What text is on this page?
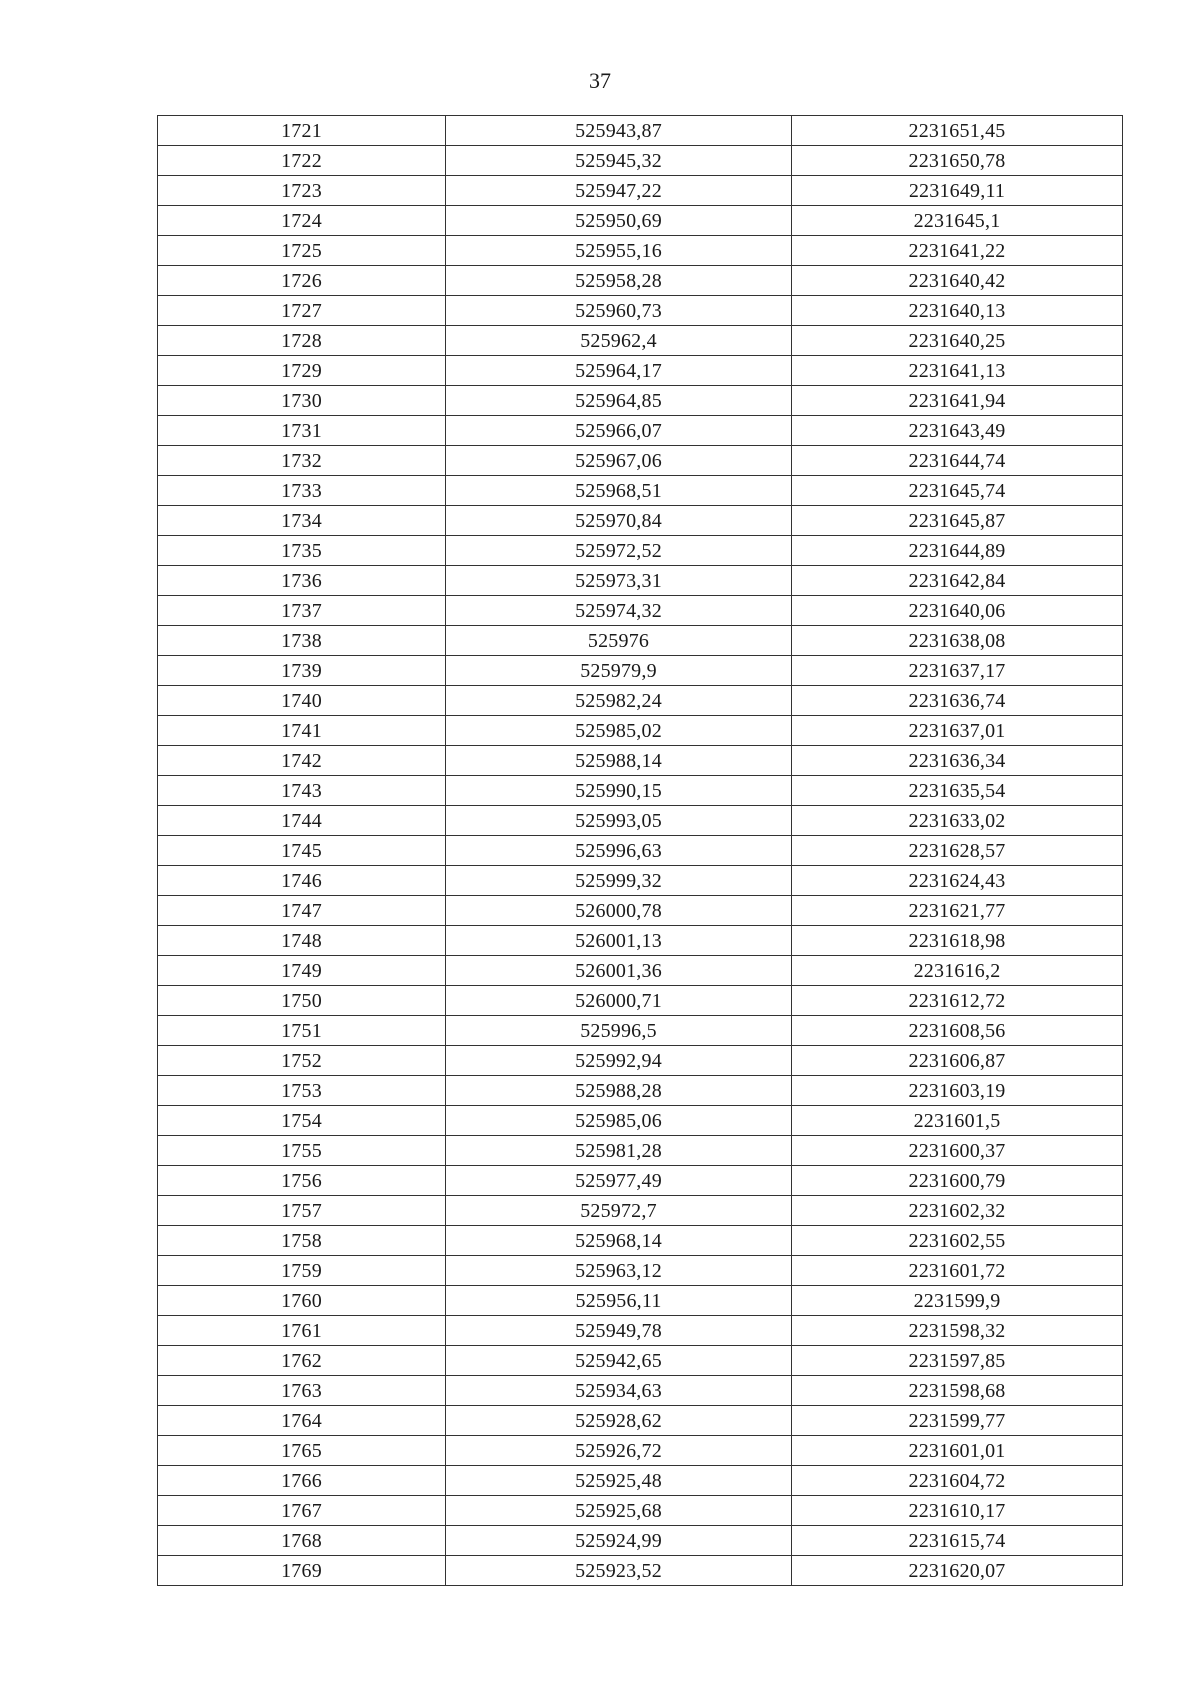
37
1721	525943,87	2231651,45
1722	525945,32	2231650,78
1723	525947,22	2231649,11
1724	525950,69	2231645,1
1725	525955,16	2231641,22
1726	525958,28	2231640,42
1727	525960,73	2231640,13
1728	525962,4	2231640,25
1729	525964,17	2231641,13
1730	525964,85	2231641,94
1731	525966,07	2231643,49
1732	525967,06	2231644,74
1733	525968,51	2231645,74
1734	525970,84	2231645,87
1735	525972,52	2231644,89
1736	525973,31	2231642,84
1737	525974,32	2231640,06
1738	525976	2231638,08
1739	525979,9	2231637,17
1740	525982,24	2231636,74
1741	525985,02	2231637,01
1742	525988,14	2231636,34
1743	525990,15	2231635,54
1744	525993,05	2231633,02
1745	525996,63	2231628,57
1746	525999,32	2231624,43
1747	526000,78	2231621,77
1748	526001,13	2231618,98
1749	526001,36	2231616,2
1750	526000,71	2231612,72
1751	525996,5	2231608,56
1752	525992,94	2231606,87
1753	525988,28	2231603,19
1754	525985,06	2231601,5
1755	525981,28	2231600,37
1756	525977,49	2231600,79
1757	525972,7	2231602,32
1758	525968,14	2231602,55
1759	525963,12	2231601,72
1760	525956,11	2231599,9
1761	525949,78	2231598,32
1762	525942,65	2231597,85
1763	525934,63	2231598,68
1764	525928,62	2231599,77
1765	525926,72	2231601,01
1766	525925,48	2231604,72
1767	525925,68	2231610,17
1768	525924,99	2231615,74
1769	525923,52	2231620,07
